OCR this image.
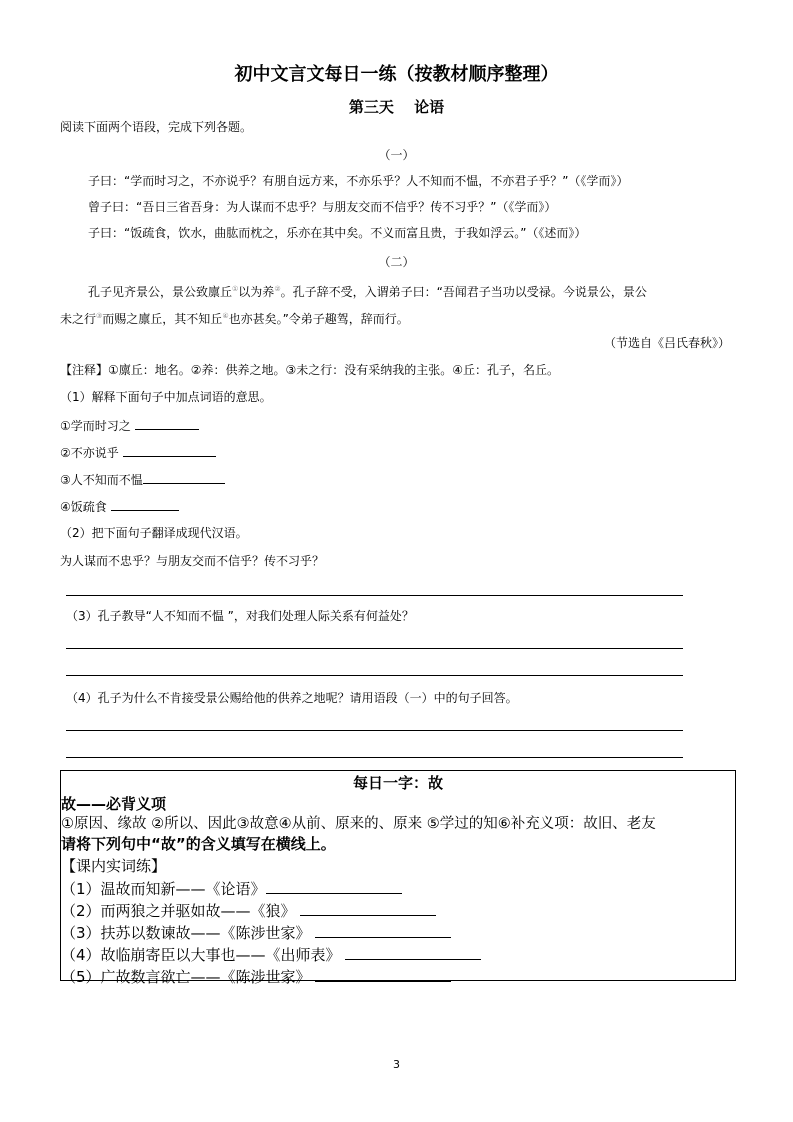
初中文言文每日一练（按教材顺序整理）
第三天　 论语
阅读下面两个语段，完成下列各题。
（一）
子曰：“学而时习之，不亦说乎？有朋自远方来，不亦乐乎？人不知而不愠，不亦君子乎？”（《学而》）
曾子曰：“吾日三省吾身：为人谋而不忠乎？与朋友交而不信乎？传不习乎？”（《学而》）
子曰：“饭疏食，饮水，曲肱而枕之，乐亦在其中矣。不义而富且贵，于我如浮云。”（《述而》）
（二）
孔子见齐景公，景公致廪丘①以为养②。孔子辞不受，入谓弟子曰：“吾闻君子当功以受禄。今说景公，景公
未之行③而赐之廪丘，其不知丘④也亦甚矣。”令弟子趣驾，辞而行。
（节选自《吕氏春秋》）
【注释】①廪丘：地名。②养：供养之地。③未之行：没有采纳我的主张。④丘：孔子，名丘。
（1）解释下面句子中加点词语的意思。
①学而时习之
②不亦说乎
③人不知而不愠
④饭疏食
（2）把下面句子翻译成现代汉语。
为人谋而不忠乎？与朋友交而不信乎？传不习乎？
（3）孔子教导“人不知而不愠 ”，对我们处理人际关系有何益处？
（4）孔子为什么不肯接受景公赐给他的供养之地呢？请用语段（一）中的句子回答。
每日一字：故
故——必背义项
①原因、缘故 ②所以、因此③故意④从前、原来的、原来 ⑤学过的知⑥补充义项：故旧、老友
请将下列句中“故”的含义填写在横线上。
【课内实词练】
（1）温故而知新——《论语》
（2）而两狼之并驱如故——《狼》
（3）扶苏以数谏故——《陈涉世家》
（4）故临崩寄臣以大事也——《出师表》
（5）广故数言欲亡——《陈涉世家》
3
